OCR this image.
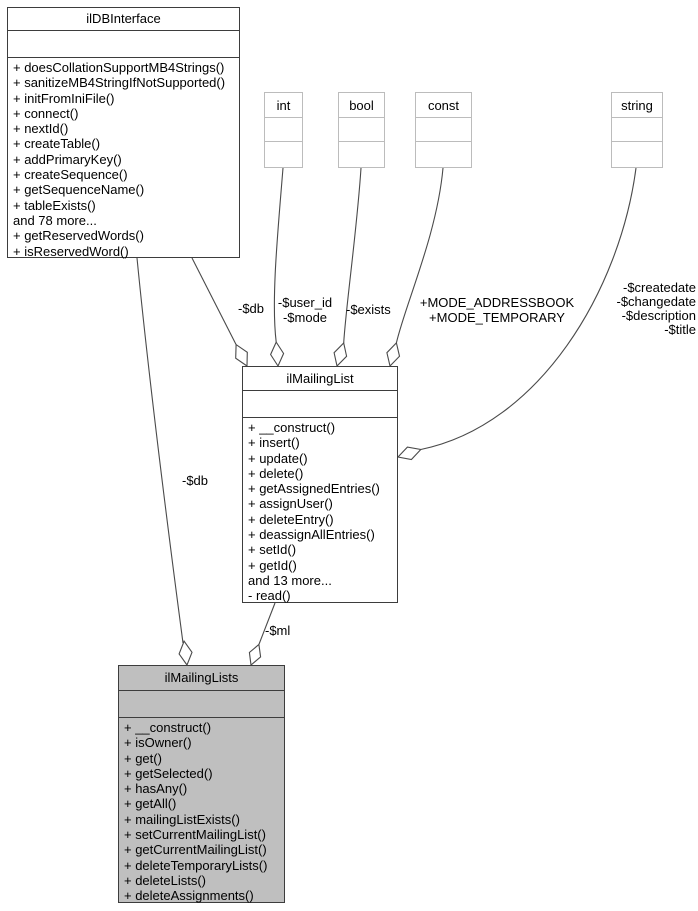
ilDBInterface
+ doesCollationSupportMB4Strings()
+ sanitizeMB4StringIfNotSupported()
+ initFromIniFile()
+ connect()
+ nextId()
+ createTable()
+ addPrimaryKey()
+ createSequence()
+ getSequenceName()
+ tableExists()
and 78 more...
+ getReservedWords()
+ isReservedWord()
int	bool	const	string
ilMailingList
+ __construct()
+ insert()
+ update()
+ delete()
+ getAssignedEntries()
+ assignUser()
+ deleteEntry()
+ deassignAllEntries()
+ setId()
+ getId()
and 13 more...
- read()
ilMailingLists
+ __construct()
+ isOwner()
+ get()
+ getSelected()
+ hasAny()
+ getAll()
+ mailingListExists()
+ setCurrentMailingList()
+ getCurrentMailingList()
+ deleteTemporaryLists()
+ deleteLists()
+ deleteAssignments()
-$db -$user_id
-$mode
-$exists	+MODE_ADDRESSBOOK
+MODE_TEMPORARY
-$createdate
-$changedate
-$description
-$title
-$db
-$ml
